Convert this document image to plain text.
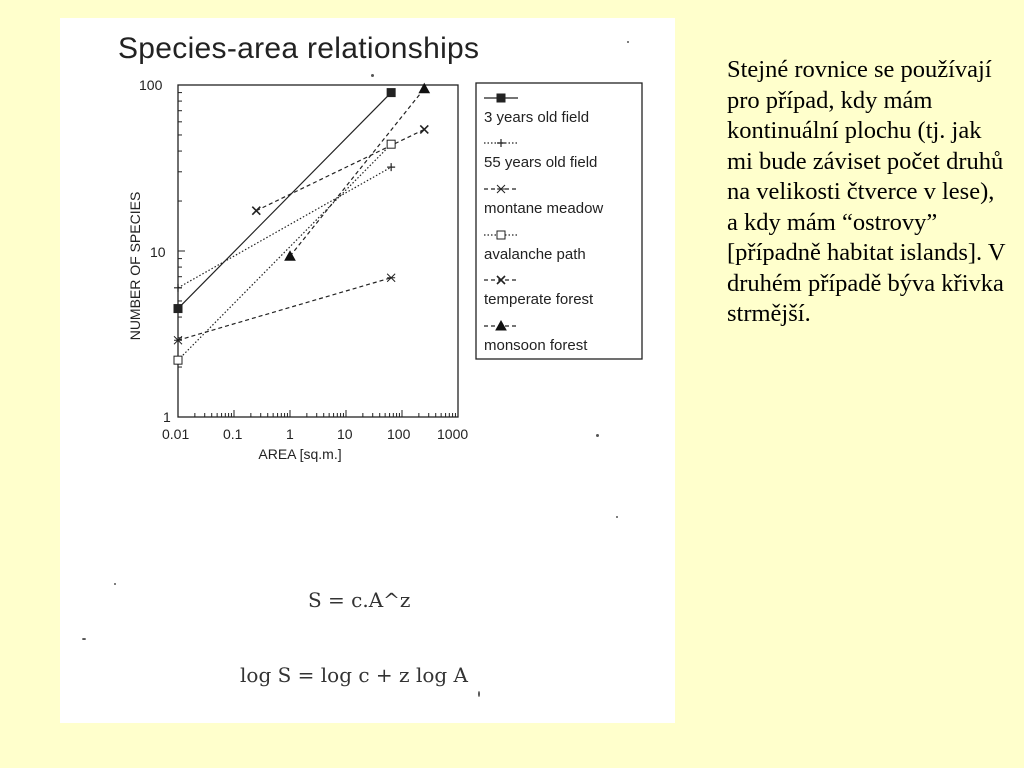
Species-area relationships
NUMBER OF SPECIES
AREA [sq.m.]
0.01 0.1	1	10 100 1000
1
10
100
3 years old field
55 years old field
montane meadow
avalanche path
temperate forest
monsoon forest
S = c.A^z
log S = log c + z log A
Stejné rovnice se používají pro případ, kdy mám kontinuální plochu (tj. jak mi bude záviset počet druhů na velikosti čtverce v lese), a kdy mám “ostrovy” [případně habitat islands]. V druhém případě býva křivka strmější.
